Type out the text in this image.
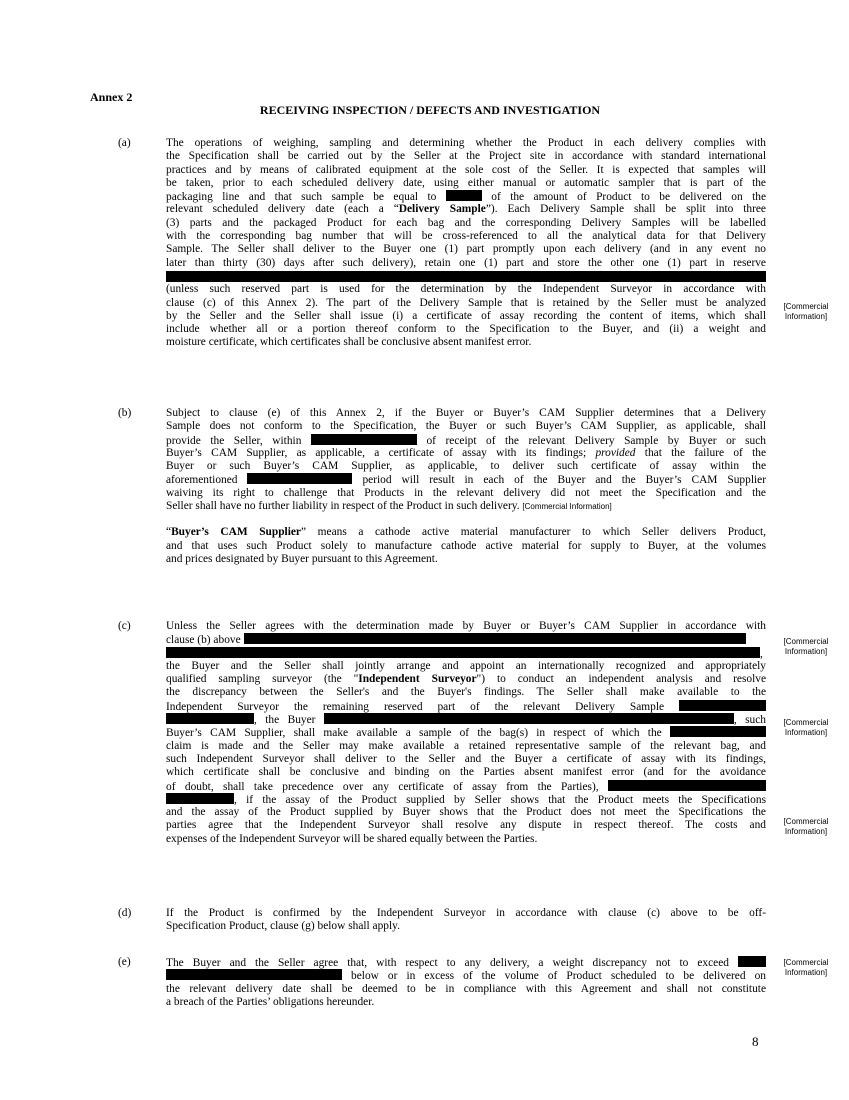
Annex 2
RECEIVING INSPECTION / DEFECTS AND INVESTIGATION
(a)	The operations of weighing, sampling and determining whether the Product in each delivery complies with
the Specification shall be carried out by the Seller at the Project site in accordance with standard international
practices and by means of calibrated equipment at the sole cost of the Seller. It is expected that samples will
be taken, prior to each scheduled delivery date, using either manual or automatic sampler that is part of the
packaging line and that such sample be equal to	of the amount of Product to be delivered on the
relevant scheduled delivery date (each a “Delivery Sample”). Each Delivery Sample shall be split into three
(3) parts and the packaged Product for each bag and the corresponding Delivery Samples will be labelled
with the corresponding bag number that will be cross-referenced to all the analytical data for that Delivery
Sample. The Seller shall deliver to the Buyer one (1) part promptly upon each delivery (and in any event no
later than thirty (30) days after such delivery), retain one (1) part and store the other one (1) part in reserve
(unless such reserved part is used for the determination by the Independent Surveyor in accordance with
clause (c) of this Annex 2). The part of the Delivery Sample that is retained by the Seller must be analyzed
by the Seller and the Seller shall issue (i) a certificate of assay recording the content of items, which shall
include whether all or a portion thereof conform to the Specification to the Buyer, and (ii) a weight and
moisture certificate, which certificates shall be conclusive absent manifest error.
[Commercial Information]
(b)	Subject to clause (e) of this Annex 2, if the Buyer or Buyer’s CAM Supplier determines that a Delivery
Sample does not conform to the Specification, the Buyer or such Buyer’s CAM Supplier, as applicable, shall
provide the Seller, within	of receipt of the relevant Delivery Sample by Buyer or such
Buyer’s CAM Supplier, as applicable, a certificate of assay with its findings; provided that the failure of the
Buyer or such Buyer’s CAM Supplier, as applicable, to deliver such certificate of assay within the
aforementioned	period will result in each of the Buyer and the Buyer’s CAM Supplier
waiving its right to challenge that Products in the relevant delivery did not meet the Specification and the
Seller shall have no further liability in respect of the Product in such delivery. [Commercial Information]
“Buyer’s CAM Supplier” means a cathode active material manufacturer to which Seller delivers Product,
and that uses such Product solely to manufacture cathode active material for supply to Buyer, at the volumes
and prices designated by Buyer pursuant to this Agreement.
(c)	Unless the Seller agrees with the determination made by Buyer or Buyer’s CAM Supplier in accordance with
clause (b) above
,
the Buyer and the Seller shall jointly arrange and appoint an internationally recognized and appropriately
qualified sampling surveyor (the "Independent Surveyor") to conduct an independent analysis and resolve
the discrepancy between the Seller's and the Buyer's findings. The Seller shall make available to the
Independent Surveyor the remaining reserved part of the relevant Delivery Sample
, the Buyer	, such
Buyer’s CAM Supplier, shall make available a sample of the bag(s) in respect of which the
claim is made and the Seller may make available a retained representative sample of the relevant bag, and
such Independent Surveyor shall deliver to the Seller and the Buyer a certificate of assay with its findings,
which certificate shall be conclusive and binding on the Parties absent manifest error (and for the avoidance
of doubt, shall take precedence over any certificate of assay from the Parties),
, if the assay of the Product supplied by Seller shows that the Product meets the Specifications
and the assay of the Product supplied by Buyer shows that the Product does not meet the Specifications the
parties agree that the Independent Surveyor shall resolve any dispute in respect thereof. The costs and
expenses of the Independent Surveyor will be shared equally between the Parties.
[Commercial Information]
[Commercial Information]
[Commercial Information]
(d)	If the Product is confirmed by the Independent Surveyor in accordance with clause (c) above to be off-
Specification Product, clause (g) below shall apply.
(e)	The Buyer and the Seller agree that, with respect to any delivery, a weight discrepancy not to exceed
below or in excess of the volume of Product scheduled to be delivered on
the relevant delivery date shall be deemed to be in compliance with this Agreement and shall not constitute
a breach of the Parties’ obligations hereunder.
[Commercial Information]
8
